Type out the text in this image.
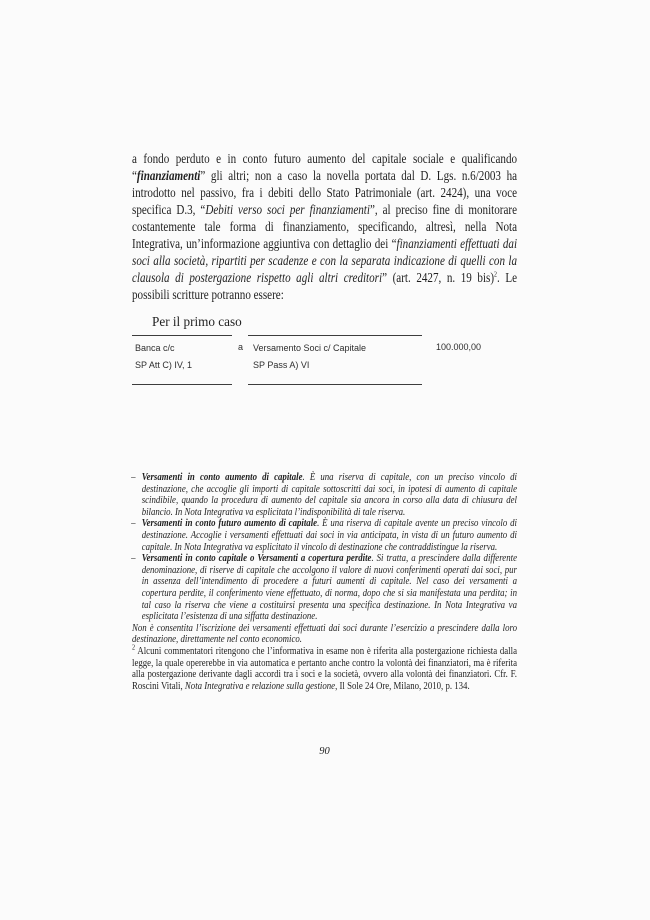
a fondo perduto e in conto futuro aumento del capitale sociale e qualificando “finanziamenti” gli altri; non a caso la novella portata dal D. Lgs. n.6/2003 ha introdotto nel passivo, fra i debiti dello Stato Patrimoniale (art. 2424), una voce specifica D.3, “Debiti verso soci per finanziamenti”, al preciso fine di monitorare costantemente tale forma di finanziamento, specificando, altresì, nella Nota Integrativa, un’informazione aggiuntiva con dettaglio dei “finanziamenti effettuati dai soci alla società, ripartiti per scadenze e con la separata indicazione di quelli con la clausola di postergazione rispetto agli altri creditori” (art. 2427, n. 19 bis)$^2$. Le possibili scritture potranno essere:

Per il primo caso

Banca c/c
SP Att C) IV, 1
a Versamento Soci c/ Capitale
SP Pass A) VI
100.000,00
– Versamenti in conto aumento di capitale. È una riserva di capitale, con un preciso vincolo di destinazione, che accoglie gli importi di capitale sottoscritti dai soci, in ipotesi di aumento di capitale scindibile, quando la procedura di aumento del capitale sia ancora in corso alla data di chiusura del bilancio. In Nota Integrativa va esplicitata l’indisponibilità di tale riserva.
– Versamenti in conto futuro aumento di capitale. È una riserva di capitale avente un preciso vincolo di destinazione. Accoglie i versamenti effettuati dai soci in via anticipata, in vista di un futuro aumento di capitale. In Nota Integrativa va esplicitato il vincolo di destinazione che contraddistingue la riserva.
– Versamenti in conto capitale o Versamenti a copertura perdite. Si tratta, a prescindere dalla differente denominazione, di riserve di capitale che accolgono il valore di nuovi conferimenti operati dai soci, pur in assenza dell’intendimento di procedere a futuri aumenti di capitale. Nel caso dei versamenti a copertura perdite, il conferimento viene effettuato, di norma, dopo che si sia manifestata una perdita; in tal caso la riserva che viene a costituirsi presenta una specifica destinazione. In Nota Integrativa va esplicitata l’esistenza di una siffatta destinazione.

Non è consentita l’iscrizione dei versamenti effettuati dai soci durante l’esercizio a prescindere dalla loro destinazione, direttamente nel conto economico.

$^2$ Alcuni commentatori ritengono che l’informativa in esame non è riferita alla postergazione richiesta dalla legge, la quale opererebbe in via automatica e pertanto anche contro la volontà dei finanziatori, ma è riferita alla postergazione derivante dagli accordi tra i soci e la società, ovvero alla volontà dei finanziatori. Cfr. F. Roscini Vitali, Nota Integrativa e relazione sulla gestione, Il Sole 24 Ore, Milano, 2010, p. 134.

90
